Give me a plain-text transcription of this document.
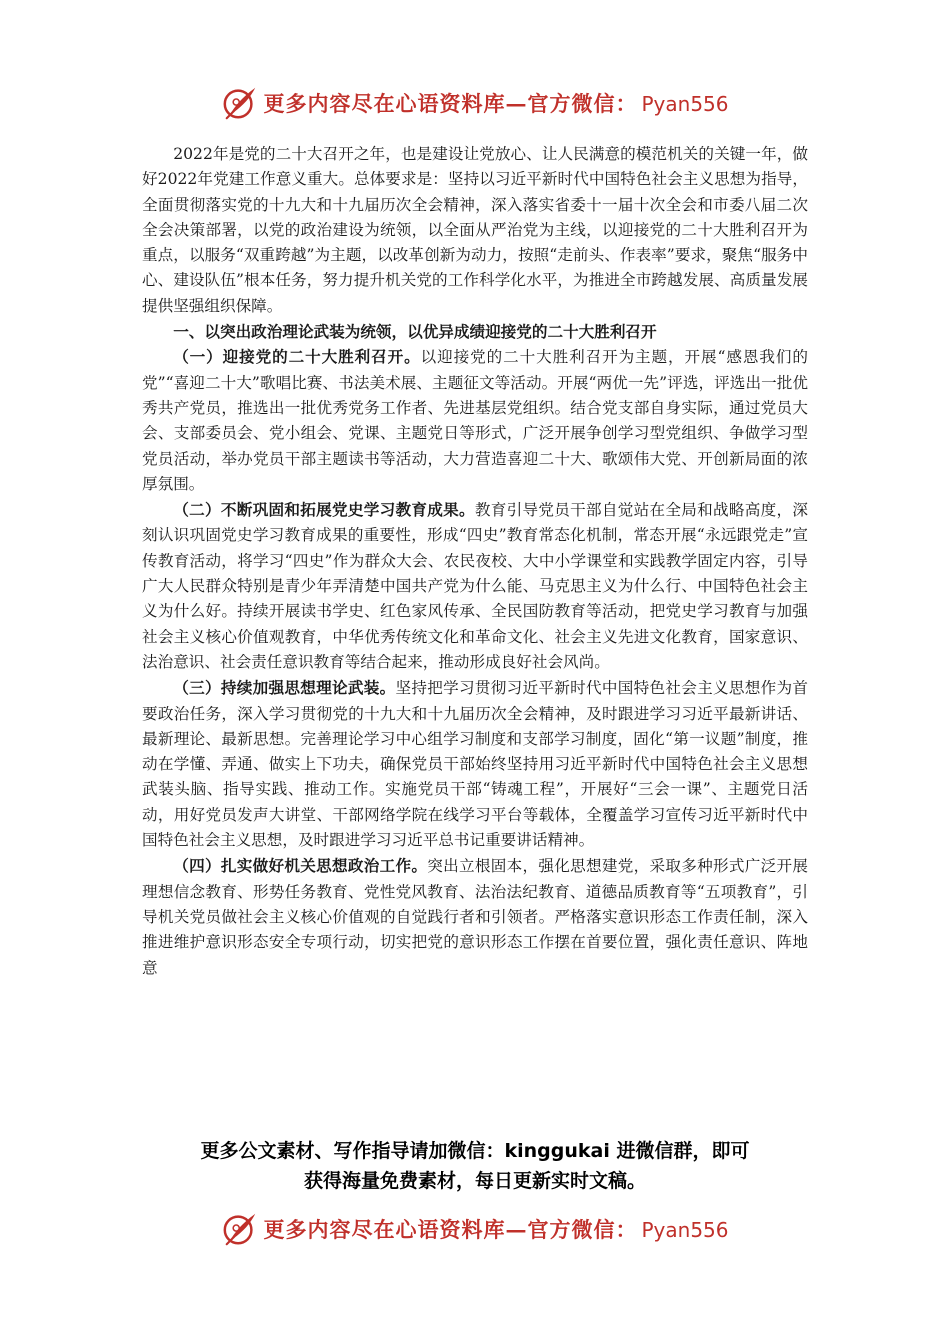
更多内容尽在心语资料库—官方微信： Pyan556

2022年是党的二十大召开之年，也是建设让党放心、让人民满意的模范机关的关键一年，做好2022年党建工作意义重大。总体要求是：坚持以习近平新时代中国特色社会主义思想为指导，全面贯彻落实党的十九大和十九届历次全会精神，深入落实省委十一届十次全会和市委八届二次全会决策部署，以党的政治建设为统领，以全面从严治党为主线，以迎接党的二十大胜利召开为重点，以服务“双重跨越”为主题，以改革创新为动力，按照“走前头、作表率”要求，聚焦“服务中心、建设队伍”根本任务，努力提升机关党的工作科学化水平，为推进全市跨越发展、高质量发展提供坚强组织保障。

一、以突出政治理论武装为统领，以优异成绩迎接党的二十大胜利召开

（一）迎接党的二十大胜利召开。以迎接党的二十大胜利召开为主题，开展“感恩我们的党”“喜迎二十大”歌唱比赛、书法美术展、主题征文等活动。开展“两优一先”评选，评选出一批优秀共产党员，推选出一批优秀党务工作者、先进基层党组织。结合党支部自身实际，通过党员大会、支部委员会、党小组会、党课、主题党日等形式，广泛开展争创学习型党组织、争做学习型党员活动，举办党员干部主题读书等活动，大力营造喜迎二十大、歌颂伟大党、开创新局面的浓厚氛围。

（二）不断巩固和拓展党史学习教育成果。教育引导党员干部自觉站在全局和战略高度，深刻认识巩固党史学习教育成果的重要性，形成“四史”教育常态化机制，常态开展“永远跟党走”宣传教育活动，将学习“四史”作为群众大会、农民夜校、大中小学课堂和实践教学固定内容，引导广大人民群众特别是青少年弄清楚中国共产党为什么能、马克思主义为什么行、中国特色社会主义为什么好。持续开展读书学史、红色家风传承、全民国防教育等活动，把党史学习教育与加强社会主义核心价值观教育，中华优秀传统文化和革命文化、社会主义先进文化教育，国家意识、法治意识、社会责任意识教育等结合起来，推动形成良好社会风尚。

（三）持续加强思想理论武装。坚持把学习贯彻习近平新时代中国特色社会主义思想作为首要政治任务，深入学习贯彻党的十九大和十九届历次全会精神，及时跟进学习习近平最新讲话、最新理论、最新思想。完善理论学习中心组学习制度和支部学习制度，固化“第一议题”制度，推动在学懂、弄通、做实上下功夫，确保党员干部始终坚持用习近平新时代中国特色社会主义思想武装头脑、指导实践、推动工作。实施党员干部“铸魂工程”，开展好“三会一课”、主题党日活动，用好党员发声大讲堂、干部网络学院在线学习平台等载体，全覆盖学习宣传习近平新时代中国特色社会主义思想，及时跟进学习习近平总书记重要讲话精神。

（四）扎实做好机关思想政治工作。突出立根固本，强化思想建党，采取多种形式广泛开展理想信念教育、形势任务教育、党性党风教育、法治法纪教育、道德品质教育等“五项教育”，引导机关党员做社会主义核心价值观的自觉践行者和引领者。严格落实意识形态工作责任制，深入推进维护意识形态安全专项行动，切实把党的意识形态工作摆在首要位置，强化责任意识、阵地意

更多公文素材、写作指导请加微信：kinggukai 进微信群，即可
获得海量免费素材，每日更新实时文稿。
更多内容尽在心语资料库—官方微信： Pyan556
